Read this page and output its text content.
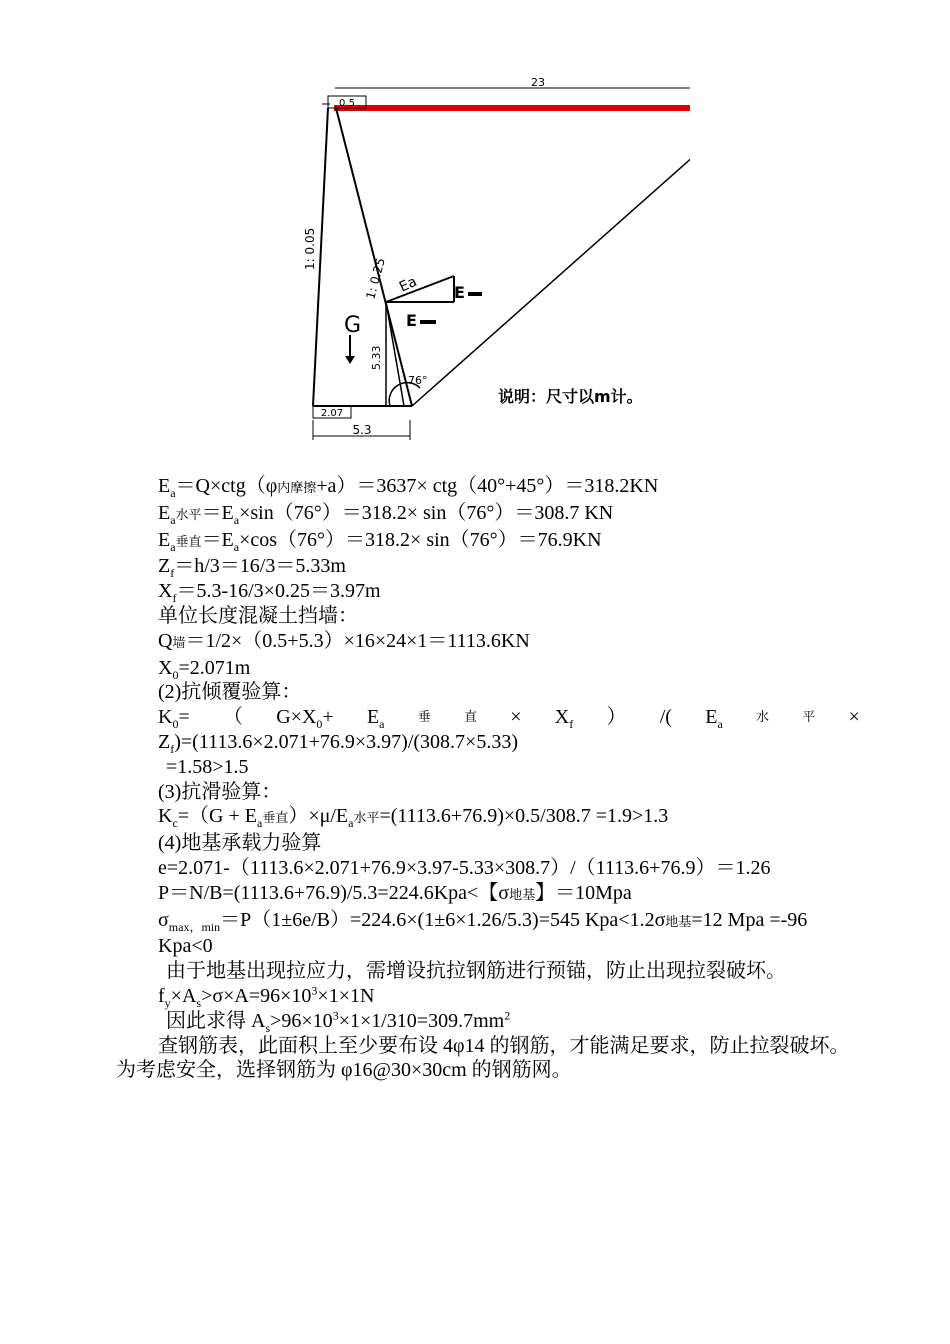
23
0.5
1: 0.05
1: 0.25 Ea E
E
G
5.33
76°
2.07
5.3
说明：尺寸以m计。
$E_a=Q\times ctg(\varphi$内摩擦+a）＝3637× ctg（40°+45°）＝318.2KN
$E_a$水平$=E_a\times\sin(76^\circ)=318.2\times \sin(76^\circ)=308.7$ KN
$E_a$垂直$=E_a\times\cos(76^\circ)=318.2\times \sin(76^\circ)=76.9KN$
$Z_f=h/3=16/3=5.33m$
$X_f=5.3-16/3\times 0.25=3.97m$
单位长度混凝土挡墙：
Q墙＝1/2×（0.5+5.3）×16×24×1＝1113.6KN
$X_0=2.071m$
(2)抗倾覆验算：
$K_0=$ （ $G\times X_0+ E_a$	垂	直 × $X_f$ ） /( $E_a$	水	平 ×
$Z_f)=(1113.6\times 2.071+76.9\times 3.97)/(308.7\times 5.33)$
=1.58>1.5
(3)抗滑验算：
$K_c=(G + E_a$垂直）$\times\mu/E_a$水平=(1113.6+76.9)×0.5/308.7 =1.9>1.3
(4)地基承载力验算
e=2.071-（1113.6×2.071+76.9×3.97-5.33×308.7）/（1113.6+76.9）＝1.26
P＝N/B=(1113.6+76.9)/5.3=224.6Kpa<【σ地基】＝10Mpa
$\sigma_{max,min}=P(1\pm 6e/B)=224.6\times(1\pm 6\times 1.26/5.3)=545$ Kpa<1.2σ地基=12 Mpa =-96
Kpa<0
由于地基出现拉应力，需增设抗拉钢筋进行预锚，防止出现拉裂破坏。
$f_y\times A_s>\sigma\times A=96\times 10^3\times 1\times 1N$
因此求得 $A_s>96\times 10^3\times 1\times 1/310=309.7mm^2$
查钢筋表，此面积上至少要布设 4φ14 的钢筋，才能满足要求，防止拉裂破坏。为考虑安全，选择钢筋为 φ16@30×30cm 的钢筋网。
